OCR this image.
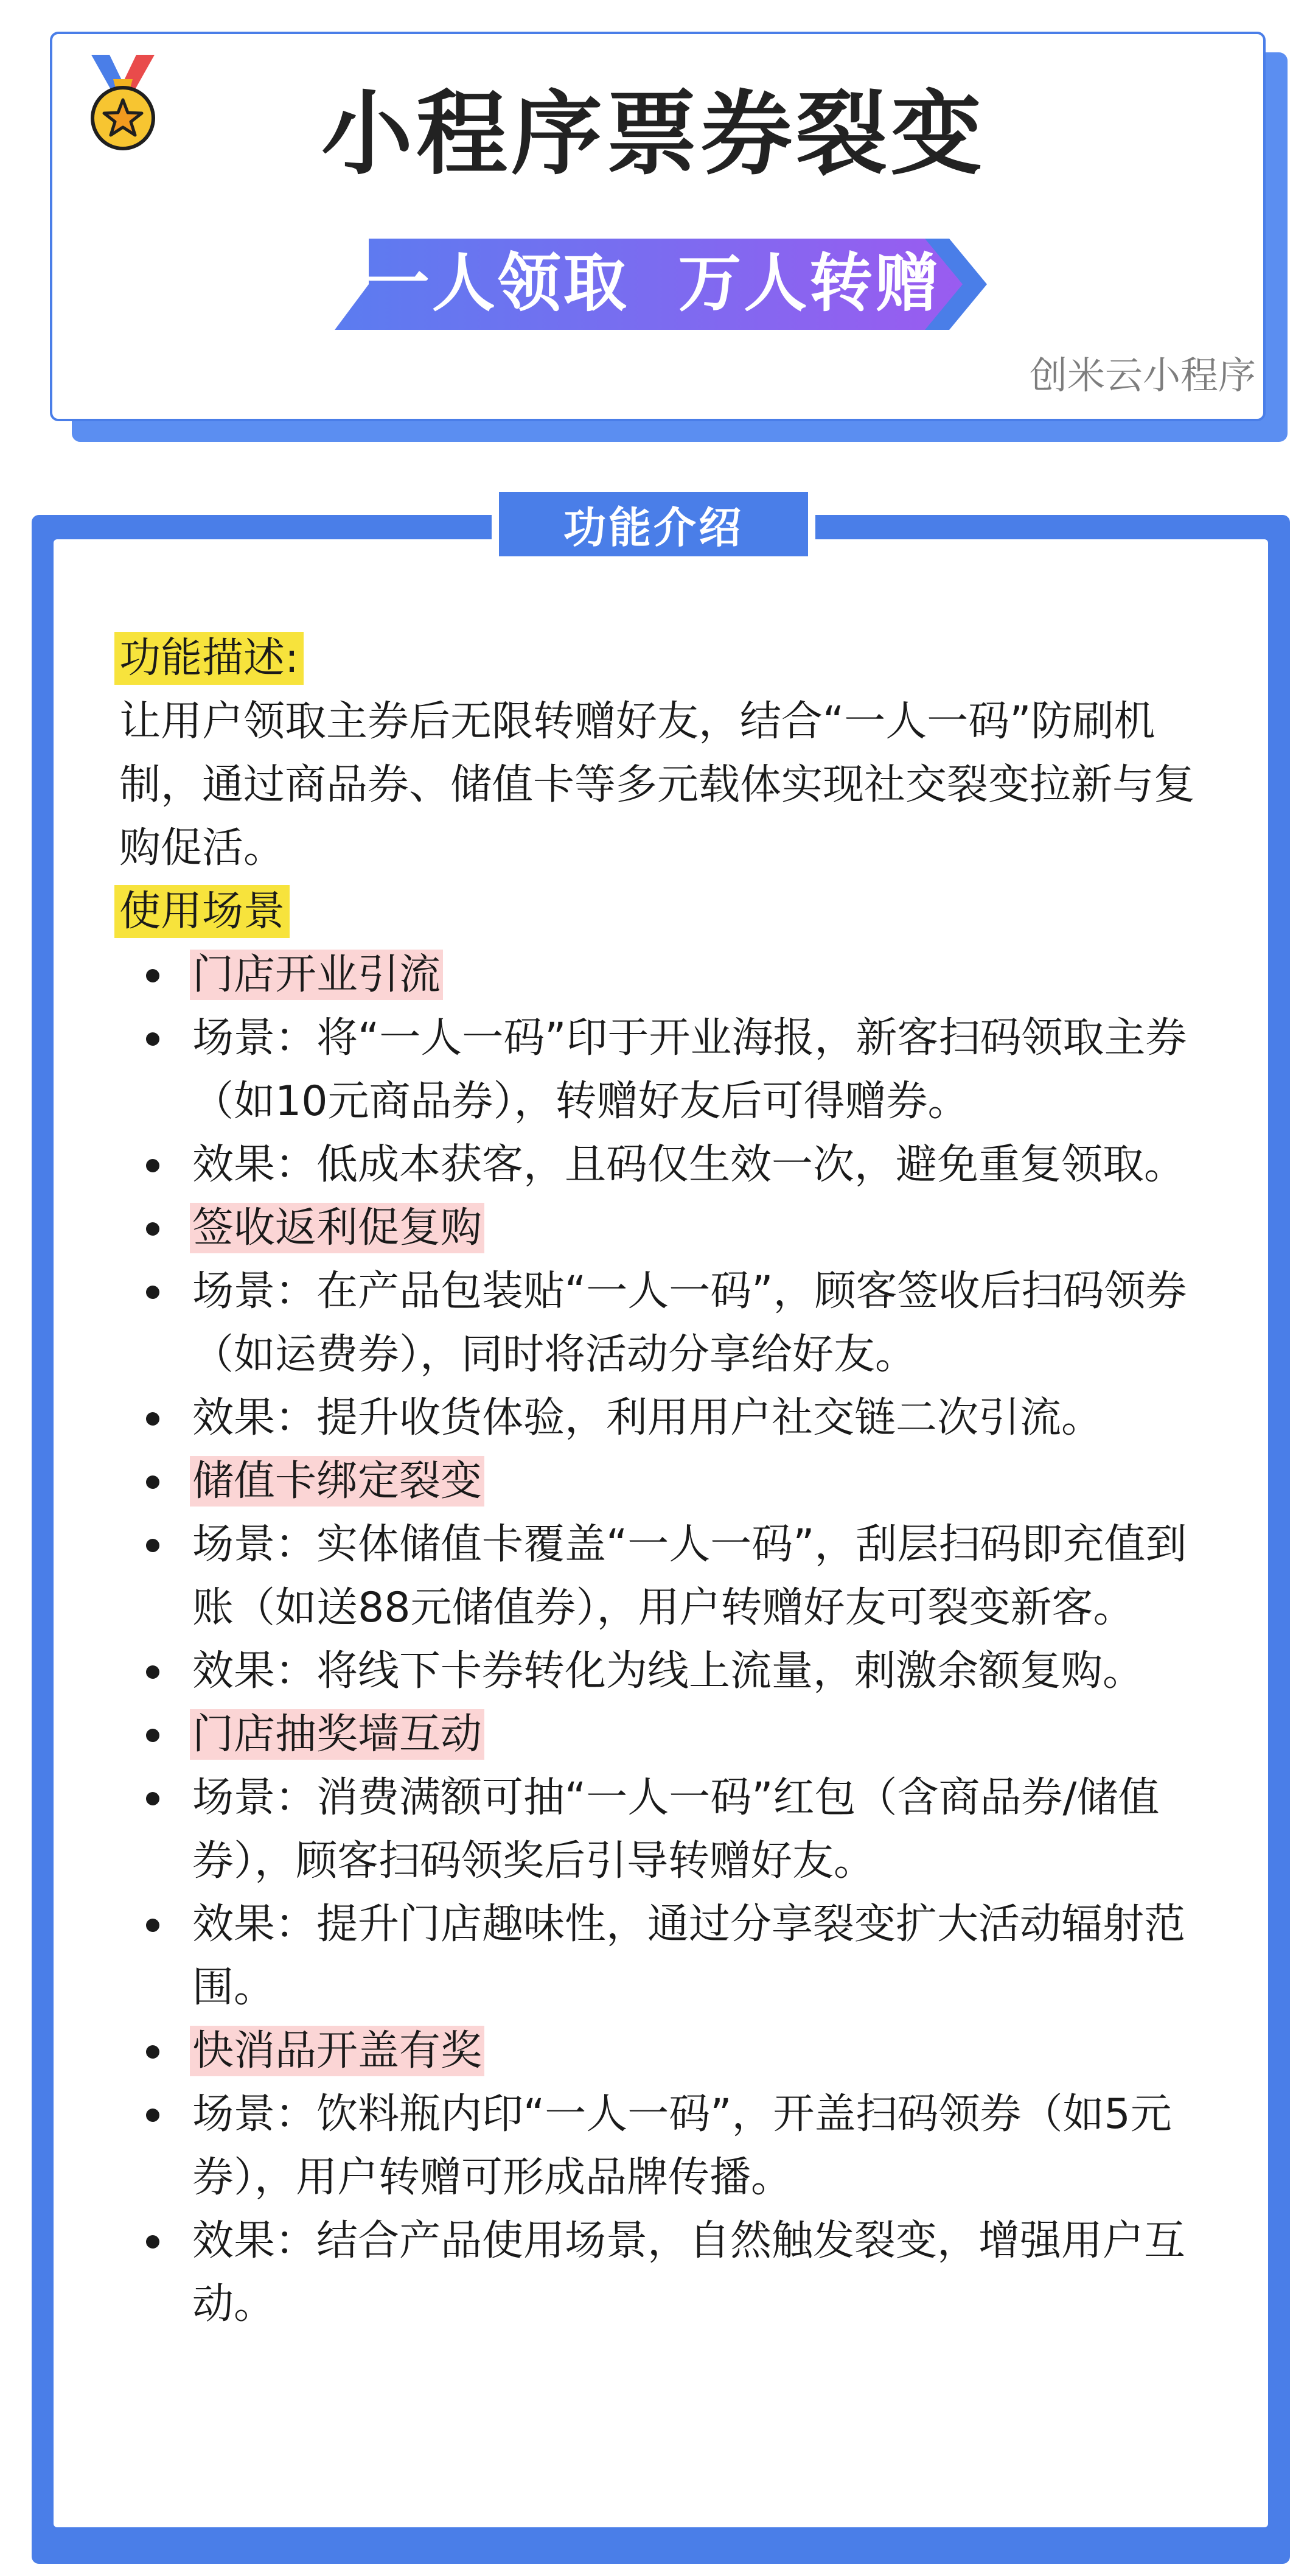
小程序票券裂变
一人领取  万人转赠
创米云小程序
功能介绍

功能描述:

让用户领取主券后无限转赠好友，结合“一人一码”防刷机制，通过商品券、储值卡等多元载体实现社交裂变拉新与复购促活。

使用场景

门店开业引流
场景：将“一人一码”印于开业海报，新客扫码领取主券（如10元商品券），转赠好友后可得赠券。
效果：低成本获客，且码仅生效一次，避免重复领取。
签收返利促复购
场景：在产品包装贴“一人一码”，顾客签收后扫码领券（如运费券），同时将活动分享给好友。
效果：提升收货体验，利用用户社交链二次引流。
储值卡绑定裂变
场景：实体储值卡覆盖“一人一码”，刮层扫码即充值到账（如送88元储值券），用户转赠好友可裂变新客。
效果：将线下卡券转化为线上流量，刺激余额复购。
门店抽奖墙互动
场景：消费满额可抽“一人一码”红包（含商品券/储值券），顾客扫码领奖后引导转赠好友。
效果：提升门店趣味性，通过分享裂变扩大活动辐射范围。
快消品开盖有奖
场景：饮料瓶内印“一人一码”，开盖扫码领券（如5元券），用户转赠可形成品牌传播。
效果：结合产品使用场景，自然触发裂变，增强用户互动。
